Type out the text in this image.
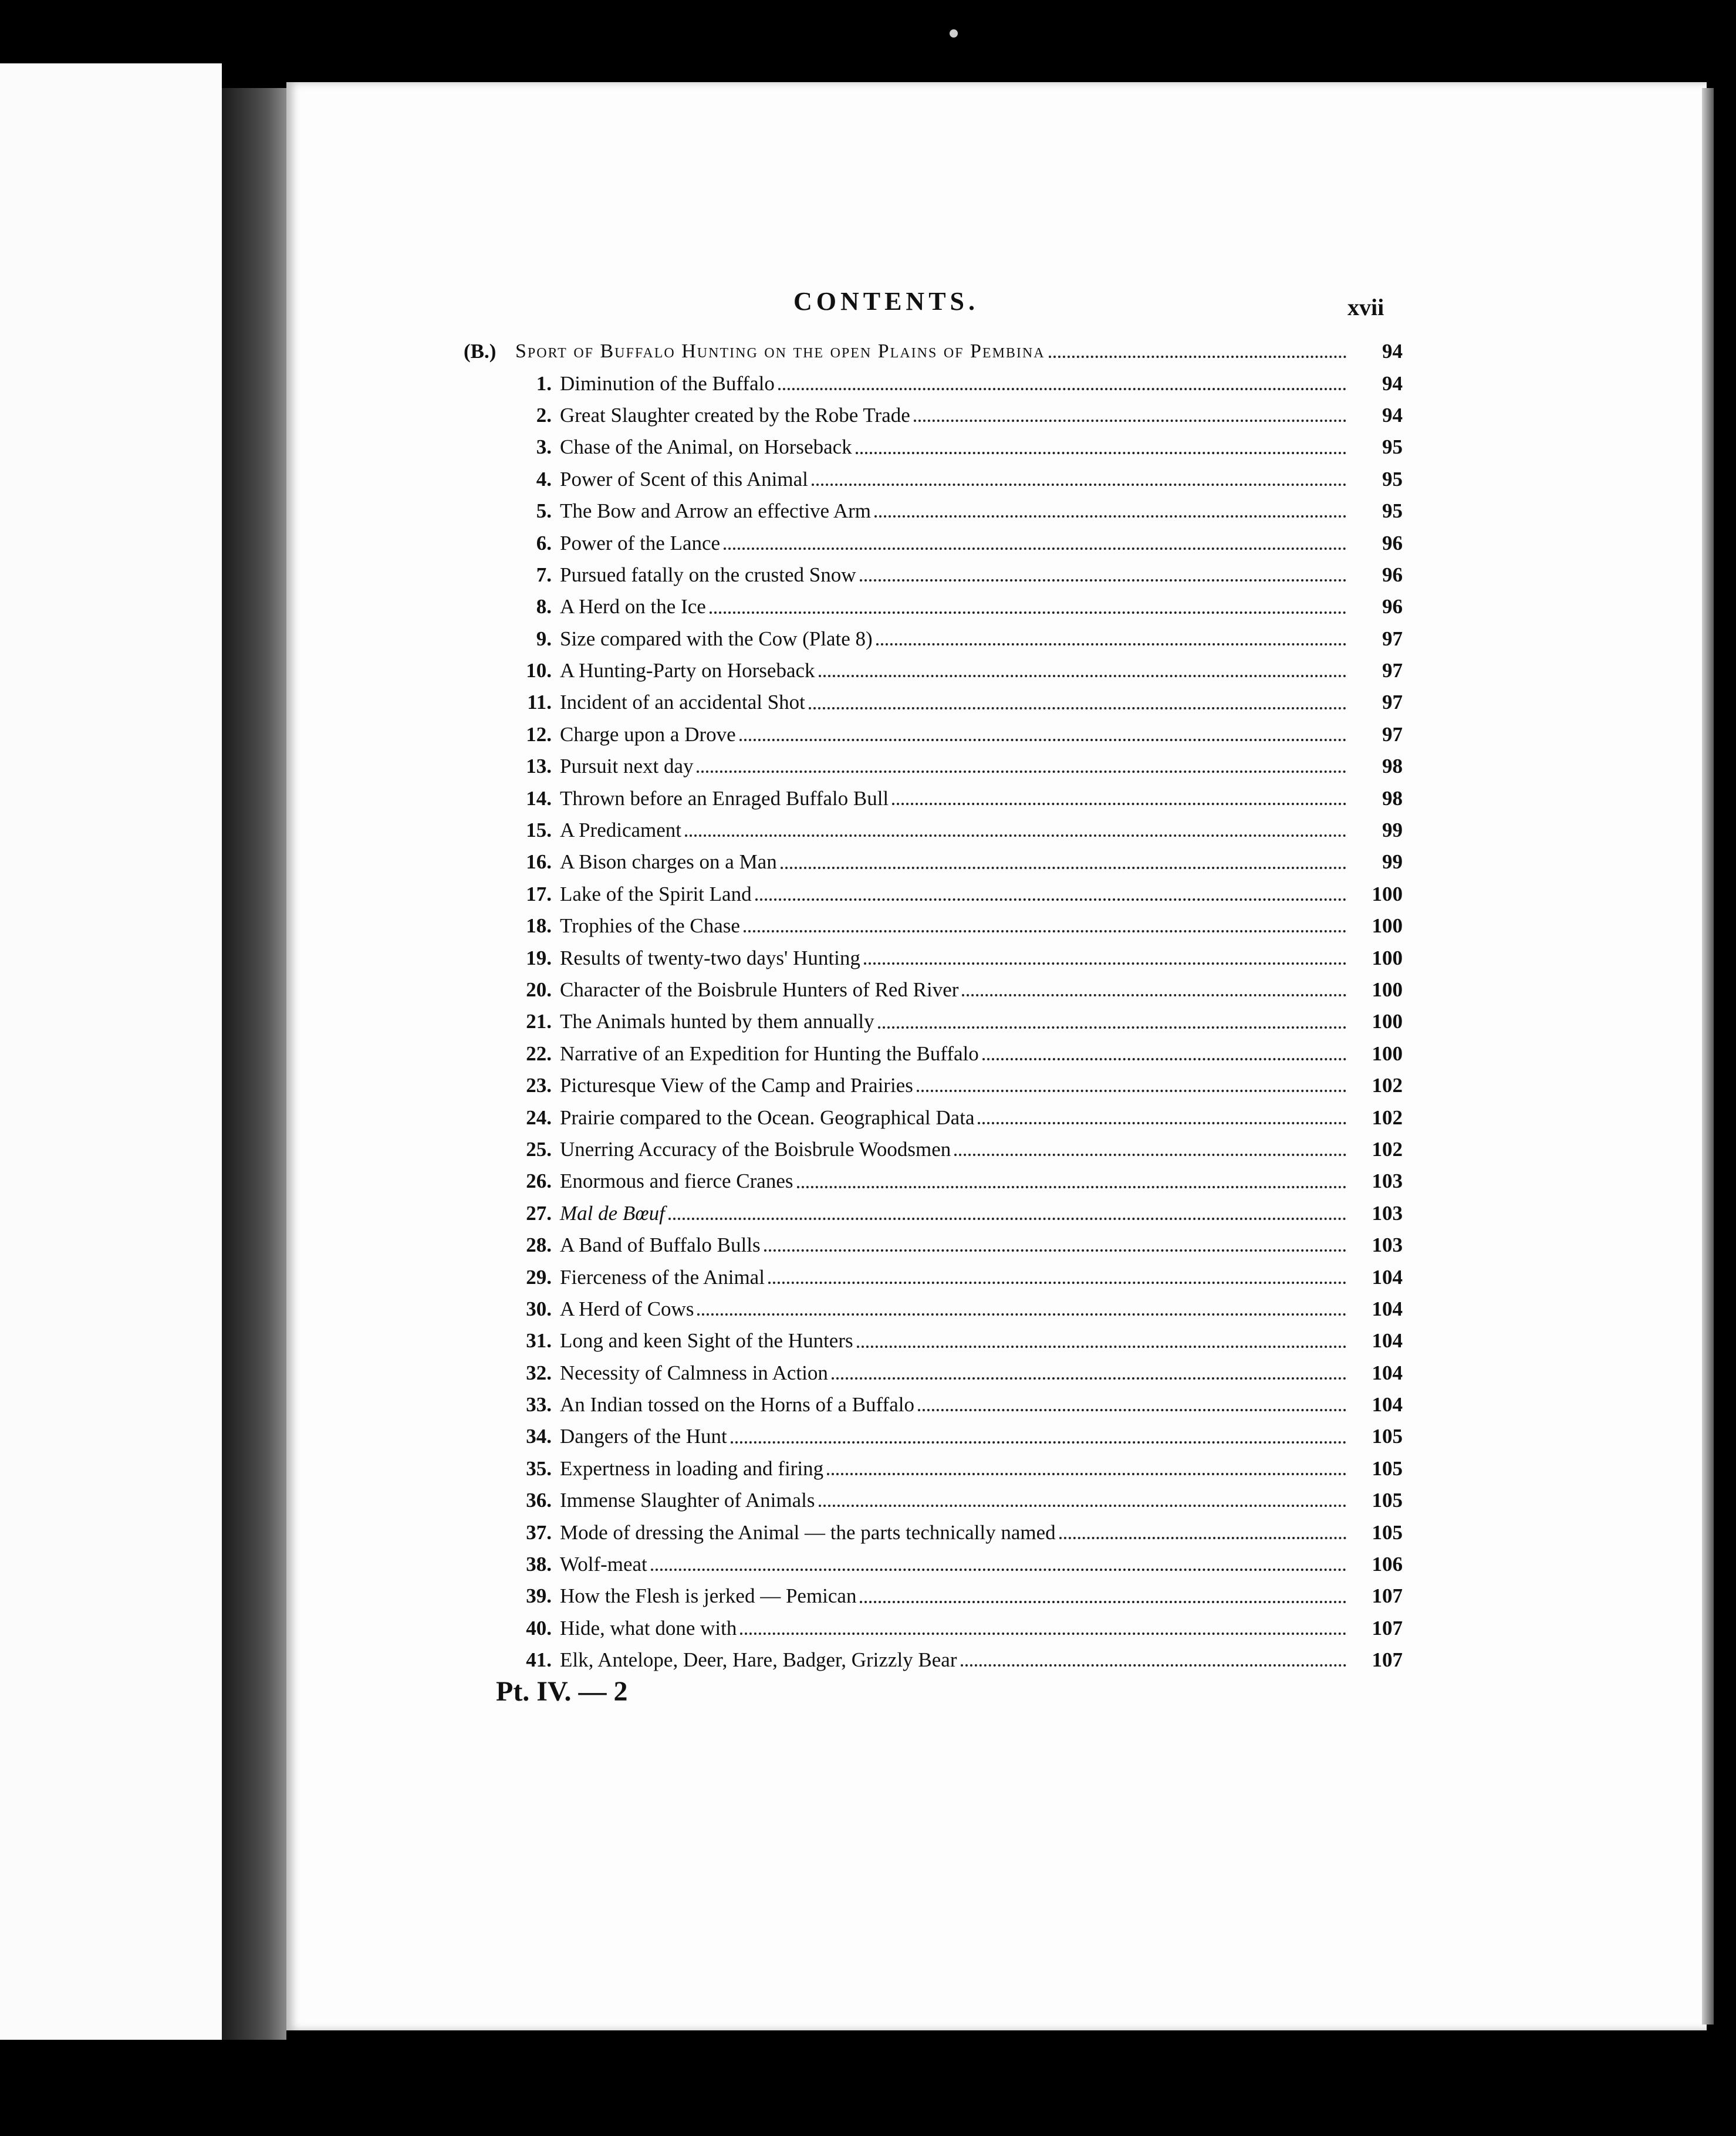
CONTENTS.	xvii
(B.) Sport of Buffalo Hunting on the open Plains of Pembina	94
1. Diminution of the Buffalo	94
2. Great Slaughter created by the Robe Trade	94
3. Chase of the Animal, on Horseback	95
4. Power of Scent of this Animal	95
5. The Bow and Arrow an effective Arm	95
6. Power of the Lance	96
7. Pursued fatally on the crusted Snow	96
8. A Herd on the Ice	96
9. Size compared with the Cow (Plate 8)	97
10. A Hunting-Party on Horseback	97
11. Incident of an accidental Shot	97
12. Charge upon a Drove	97
13. Pursuit next day	98
14. Thrown before an Enraged Buffalo Bull	98
15. A Predicament	99
16. A Bison charges on a Man	99
17. Lake of the Spirit Land	100
18. Trophies of the Chase	100
19. Results of twenty-two days' Hunting	100
20. Character of the Boisbrule Hunters of Red River	100
21. The Animals hunted by them annually	100
22. Narrative of an Expedition for Hunting the Buffalo	100
23. Picturesque View of the Camp and Prairies	102
24. Prairie compared to the Ocean. Geographical Data	102
25. Unerring Accuracy of the Boisbrule Woodsmen	102
26. Enormous and fierce Cranes	103
27. Mal de Bœuf	103
28. A Band of Buffalo Bulls	103
29. Fierceness of the Animal	104
30. A Herd of Cows	104
31. Long and keen Sight of the Hunters	104
32. Necessity of Calmness in Action	104
33. An Indian tossed on the Horns of a Buffalo	104
34. Dangers of the Hunt	105
35. Expertness in loading and firing	105
36. Immense Slaughter of Animals	105
37. Mode of dressing the Animal — the parts technically named	105
38. Wolf-meat	106
39. How the Flesh is jerked — Pemican	107
40. Hide, what done with	107
41. Elk, Antelope, Deer, Hare, Badger, Grizzly Bear	107
Pt. IV. — 2
